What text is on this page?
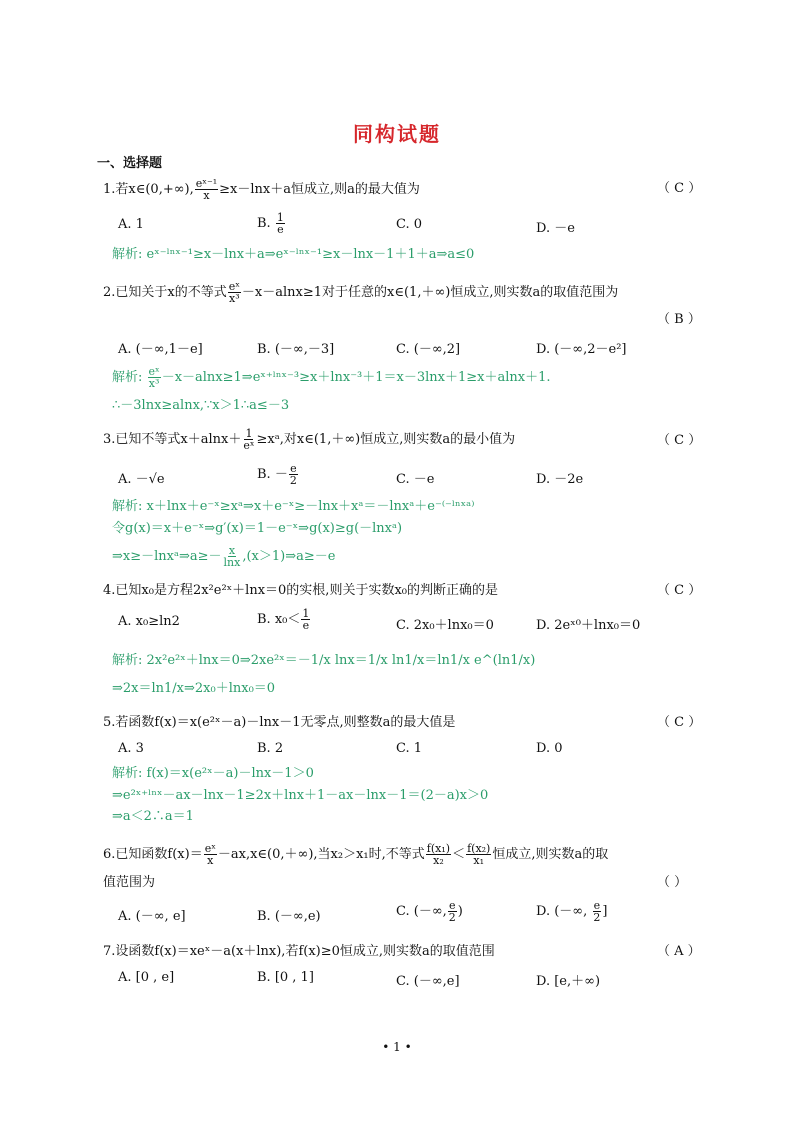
同构试题
一、选择题
1.若x∈(0,+∞), $\frac{\text{eˣ⁻¹}}{x} \ge x-\ln x+a$恒成立,则a的最大值为	（ C ）
A. 1	B. $\frac{1}{e}$	C. 0	D. －e
解析: eˣ⁻ˡⁿˣ⁻¹≥x－lnx＋a⇒eˣ⁻ˡⁿˣ⁻¹≥x－lnx－1＋1＋a⇒a≤0
2.已知关于x的不等式 $\frac{\text{eˣ}}{\text{x³}} -x-alnx\ge 1$对于任意的x∈(1,＋∞)恒成立,则实数a的取值范围为
（ B ）
A. (－∞,1－e]	B. (－∞,－3]	C. (－∞,2]	D. (－∞,2－e²]
解析: $\frac{\text{eˣ}}{\text{x³}}$ －x－alnx≥1⇒eˣ⁺ˡⁿˣ⁻³≥x＋lnx⁻³＋1＝x－3lnx＋1≥x＋alnx＋1.
∴－3lnx≥alnx,∵x＞1∴a≤－3
3.已知不等式$x+alnx+ \frac{1}{\text{eˣ}}$ ≥xᵃ,对x∈(1,＋∞)恒成立,则实数a的最小值为	（ C ）
A. －√e	B. － $\frac{e}{2}$	C. －e	D. －2e
解析: x＋lnx＋e⁻ˣ≥xᵃ⇒x＋e⁻ˣ≥－lnx＋xᵃ＝－lnxᵃ＋e⁻⁽⁻ˡⁿˣᵃ⁾
令g(x)＝x＋e⁻ˣ⇒g′(x)＝1－e⁻ˣ⇒g(x)≥g(－lnxᵃ)
⇒x≥－lnxᵃ⇒a≥－ $\frac{x}{\ln x}$ ,(x＞1)⇒a≥－e
4.已知x₀是方程2x²e²ˣ＋lnx＝0的实根,则关于实数x₀的判断正确的是	（ C ）
A. x₀≥ln2	B. $x_0< \frac{1}{e}$	C. 2x₀＋lnx₀＝0	D. 2eˣ⁰＋lnx₀＝0
解析: 2x²e²ˣ＋lnx＝0⇒2xe²ˣ＝－1/x lnx＝1/x ln1/x＝ln1/x e^(ln1/x)
⇒2x＝ln1/x⇒2x₀＋lnx₀＝0
5.若函数f(x)＝x(e²ˣ－a)－lnx－1无零点,则整数a的最大值是	（ C ）
A. 3	B. 2	C. 1	D. 0
解析: f(x)＝x(e²ˣ－a)－lnx－1＞0
⇒e²ˣ⁺ˡⁿˣ－ax－lnx－1≥2x＋lnx＋1－ax－lnx－1＝(2－a)x＞0
⇒a＜2∴a＝1
6.已知函数$f(x)= \frac{\text{eˣ}}{x}$ －ax,x∈(0,＋∞),当x₂＞x₁时,不等式 $\frac{\text{f(x₁)}}{\text{x₂}} < \frac{\text{f(x₂)}}{\text{x₁}}$ 恒成立,则实数a的取
值范围为	（ ）
A. (－∞, e]	B. (－∞,e)	C. (－∞, $\frac{e}{2}$ )	D. (－∞, $\frac{e}{2}$ ]
7.设函数f(x)＝xeˣ－a(x＋lnx),若f(x)≥0恒成立,则实数a的取值范围	（ A ）
A. [0 , e]	B. [0 , 1]	C. (－∞,e]	D. [e,＋∞)
• 1 •
